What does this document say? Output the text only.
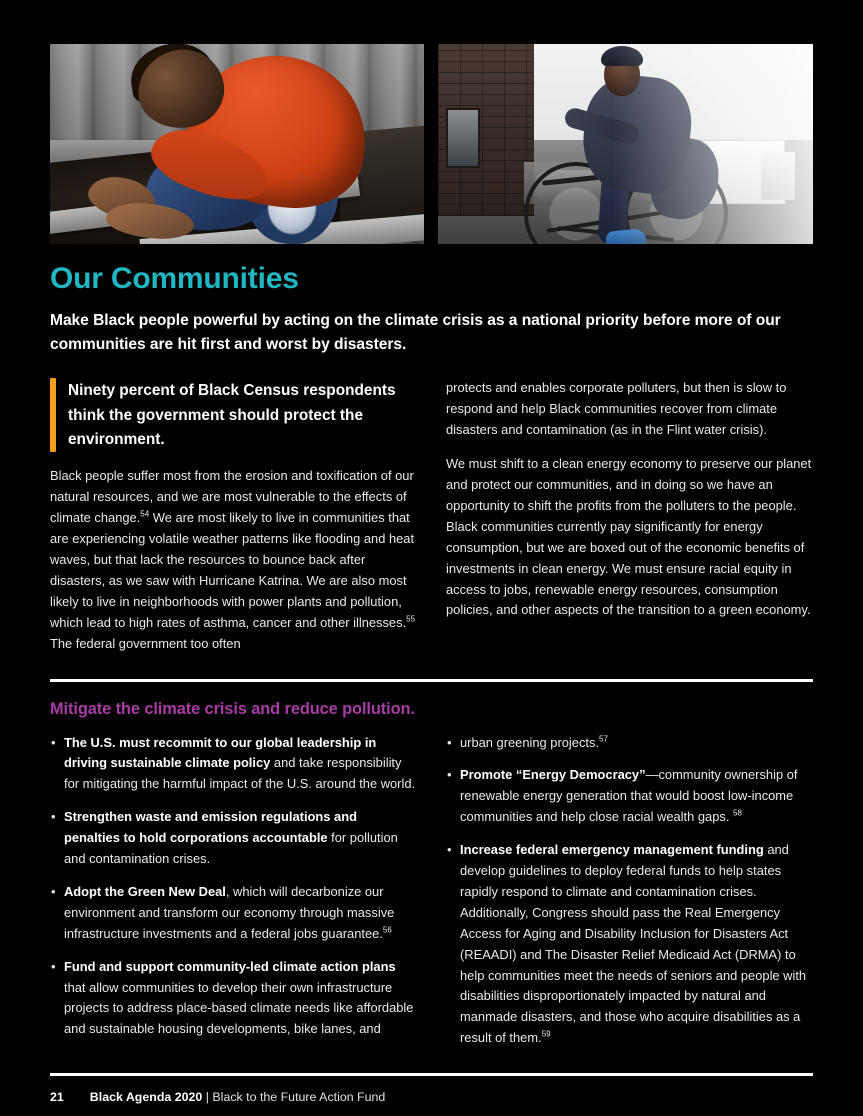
Our Communities

Make Black people powerful by acting on the climate crisis as a national priority before more of our communities are hit first and worst by disasters.

Ninety percent of Black Census respondents think the government should protect the environment.

Black people suffer most from the erosion and toxification of our natural resources, and we are most vulnerable to the effects of climate change.$^{54}$ We are most likely to live in communities that are experiencing volatile weather patterns like flooding and heat waves, but that lack the resources to bounce back after disasters, as we saw with Hurricane Katrina. We are also most likely to live in neighborhoods with power plants and pollution, which lead to high rates of asthma, cancer and other illnesses.$^{55}$ The federal government too often

protects and enables corporate polluters, but then is slow to respond and help Black communities recover from climate disasters and contamination (as in the Flint water crisis).

We must shift to a clean energy economy to preserve our planet and protect our communities, and in doing so we have an opportunity to shift the profits from the polluters to the people. Black communities currently pay significantly for energy consumption, but we are boxed out of the economic benefits of investments in clean energy. We must ensure racial equity in access to jobs, renewable energy resources, consumption policies, and other aspects of the transition to a green economy.

Mitigate the climate crisis and reduce pollution.
• The U.S. must recommit to our global leadership in driving sustainable climate policy and take responsibility for mitigating the harmful impact of the U.S. around the world.
• Strengthen waste and emission regulations and penalties to hold corporations accountable for pollution and contamination crises.
• Adopt the Green New Deal, which will decarbonize our environment and transform our economy through massive infrastructure investments and a federal jobs guarantee.$^{56}$
• Fund and support community-led climate action plans that allow communities to develop their own infrastructure projects to address place-based climate needs like affordable and sustainable housing developments, bike lanes, and
• urban greening projects.$^{57}$
• Promote “Energy Democracy”—community ownership of renewable energy generation that would boost low-income communities and help close racial wealth gaps. $^{58}$
• Increase federal emergency management funding and develop guidelines to deploy federal funds to help states rapidly respond to climate and contamination crises. Additionally, Congress should pass the Real Emergency Access for Aging and Disability Inclusion for Disasters Act (REAADI) and The Disaster Relief Medicaid Act (DRMA) to help communities meet the needs of seniors and people with disabilities disproportionately impacted by natural and manmade disasters, and those who acquire disabilities as a result of them.$^{59}$
21 Black Agenda 2020 | Black to the Future Action Fund
